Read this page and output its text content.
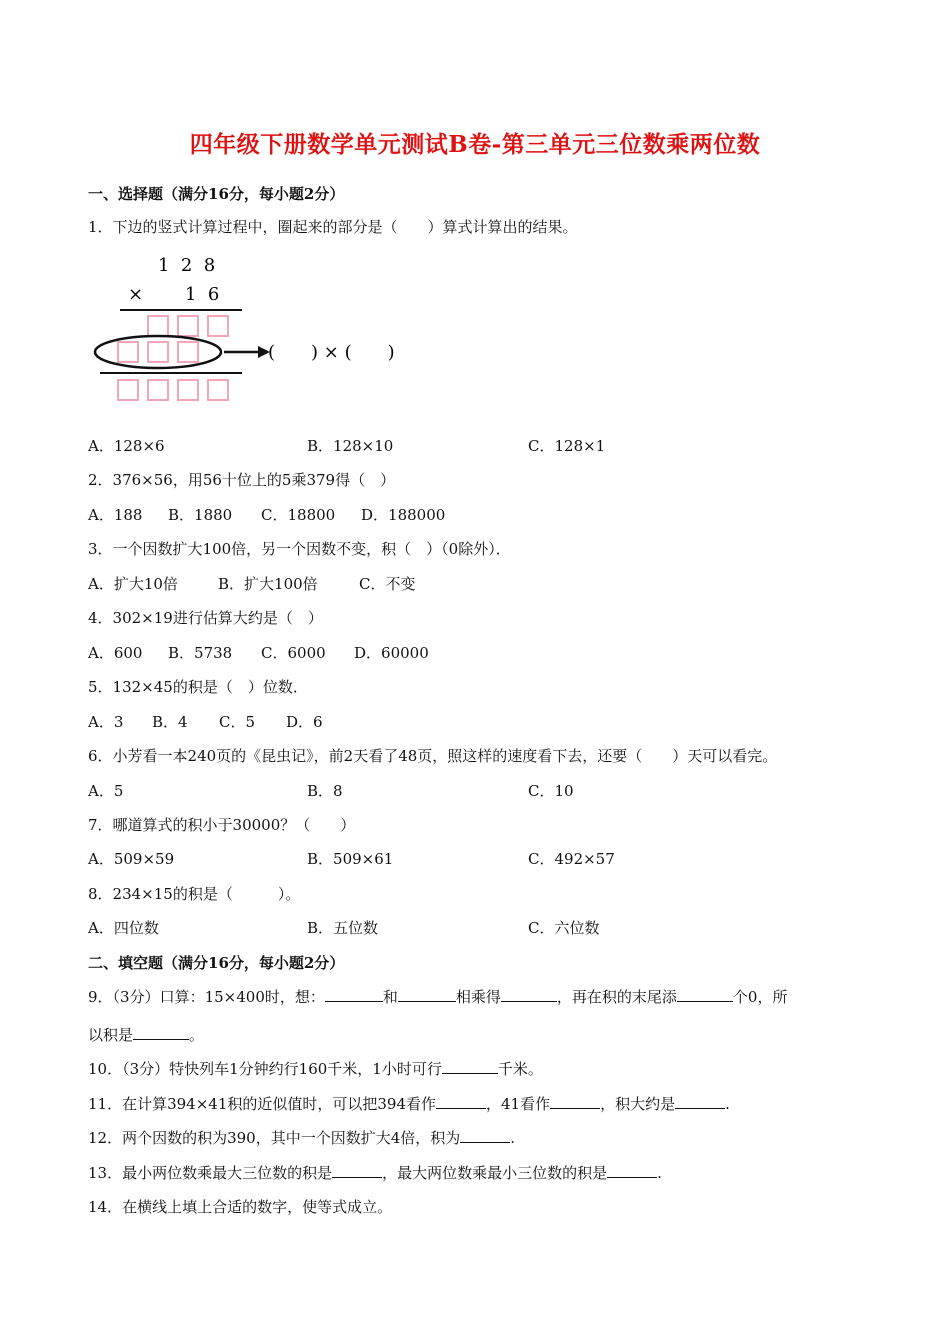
四年级下册数学单元测试B卷-第三单元三位数乘两位数
一、选择题（满分16分，每小题2分）
1．下边的竖式计算过程中，圈起来的部分是（　　）算式计算出的结果。
1  2  8
× 1  6
(　　) × (　　)
A．128×6	B．128×10	C．128×1
2．376×56，用56十位上的5乘379得（　）
A．188 B．1880 C．18800 D．188000
3．一个因数扩大100倍，另一个因数不变，积（　）（0除外）．
A．扩大10倍	B．扩大100倍	C．不变
4．302×19进行估算大约是（　）
A．600 B．5738 C．6000 D．60000
5．132×45的积是（　）位数．
A．3 B．4 C．5 D．6
6．小芳看一本240页的《昆虫记》，前2天看了48页，照这样的速度看下去，还要（　　）天可以看完。
A．5	B．8	C．10
7．哪道算式的积小于30000？（　　）
A．509×59	B．509×61	C．492×57
8．234×15的积是（　　　）。
A．四位数	B．五位数	C．六位数
二、填空题（满分16分，每小题2分）
9．（3分）口算：15×400时，想：	和	相乘得	，再在积的末尾添	个0，所
以积是	。
10．（3分）特快列车1分钟约行160千米，1小时可行	千米。
11．在计算394×41积的近似值时，可以把394看作	，41看作	，积大约是	.
12．两个因数的积为390，其中一个因数扩大4倍，积为	.
13．最小两位数乘最大三位数的积是	，最大两位数乘最小三位数的积是	.
14．在横线上填上合适的数字，使等式成立。
